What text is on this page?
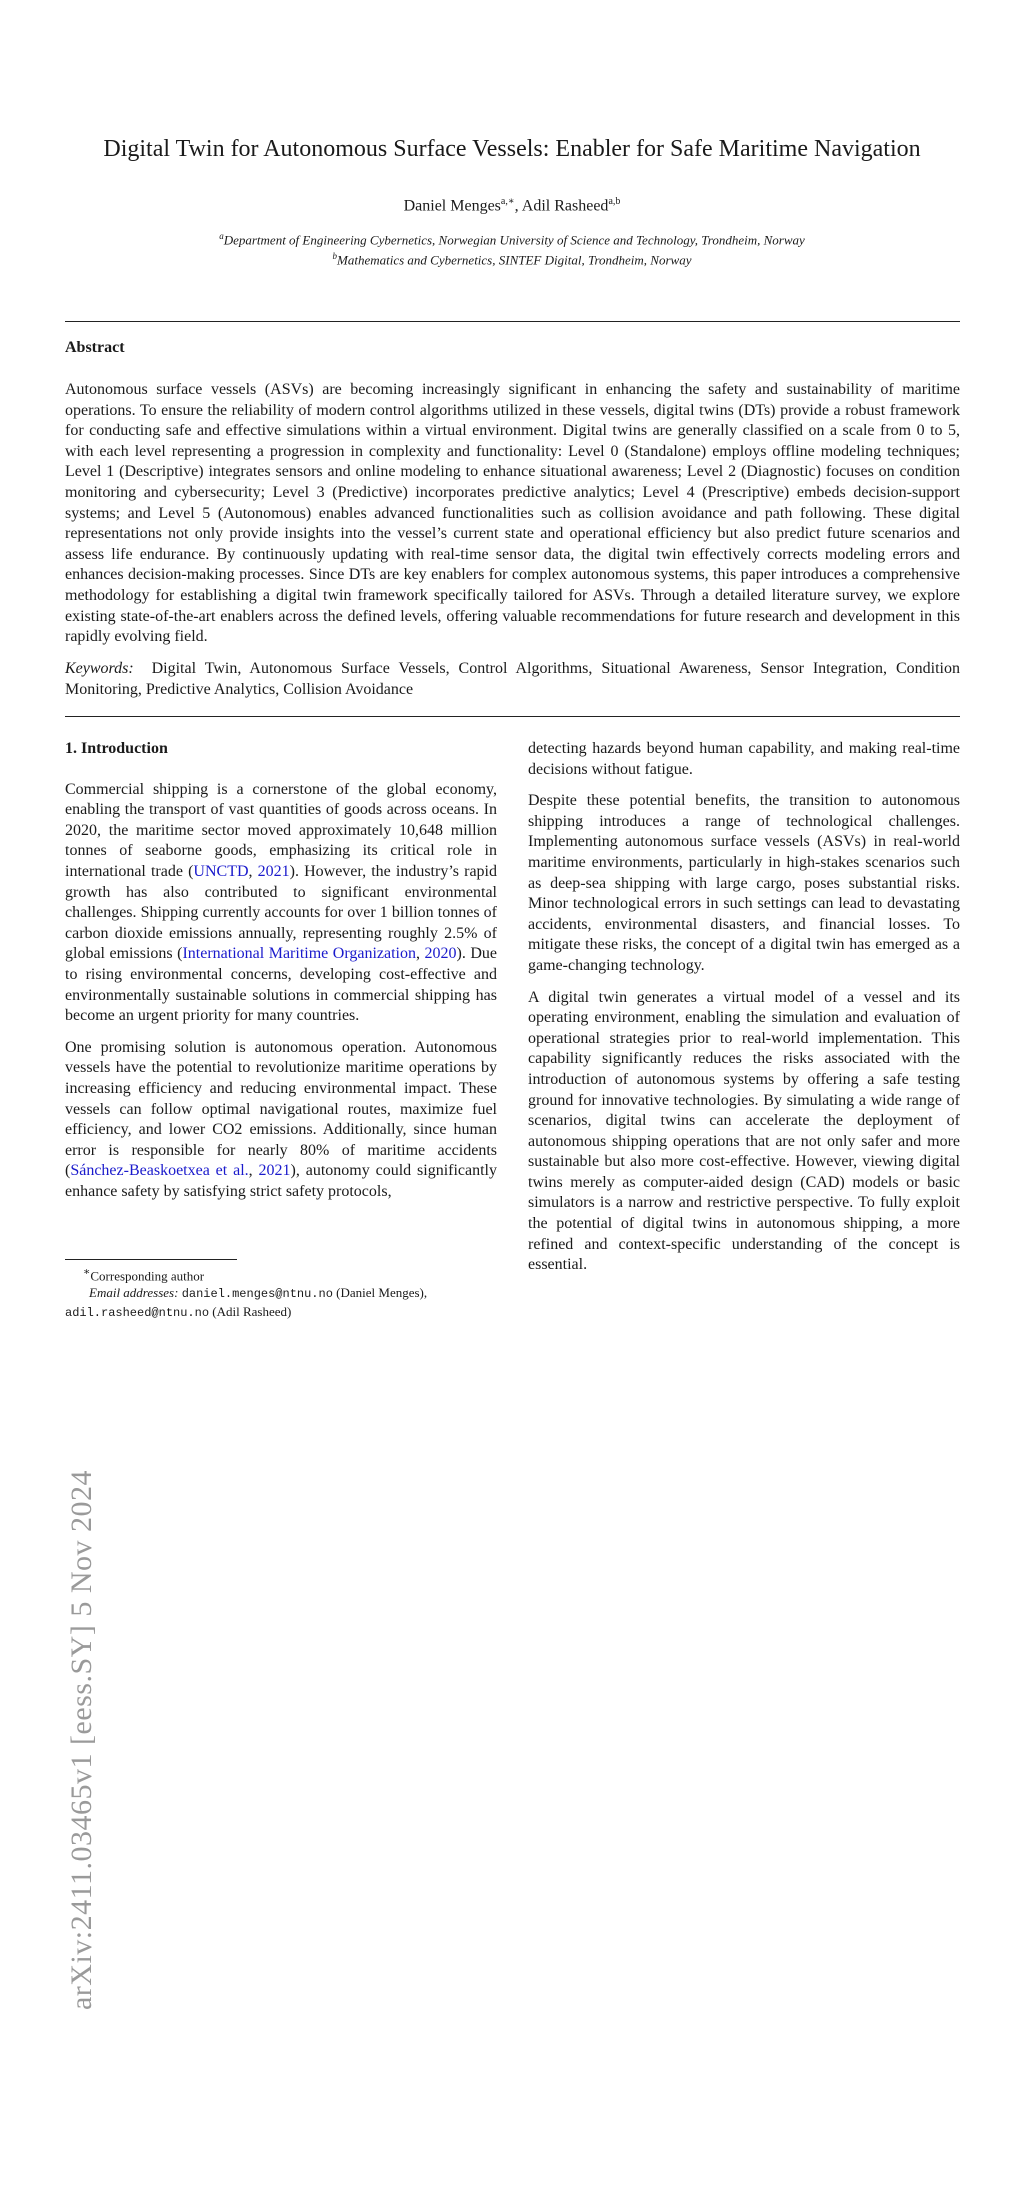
arXiv:2411.03465v1 [eess.SY] 5 Nov 2024
Digital Twin for Autonomous Surface Vessels: Enabler for Safe Maritime Navigation
Daniel Menges$^{a,∗}$, Adil Rasheed$^{a,b}$
$^a$Department of Engineering Cybernetics, Norwegian University of Science and Technology, Trondheim, Norway
$^b$Mathematics and Cybernetics, SINTEF Digital, Trondheim, Norway
Abstract
Autonomous surface vessels (ASVs) are becoming increasingly significant in enhancing the safety and sustainability of maritime operations. To ensure the reliability of modern control algorithms utilized in these vessels, digital twins (DTs) provide a robust framework for conducting safe and effective simulations within a virtual environment. Digital twins are generally classified on a scale from 0 to 5, with each level representing a progression in complexity and functionality: Level 0 (Standalone) employs offline modeling techniques; Level 1 (Descriptive) integrates sensors and online modeling to enhance situational awareness; Level 2 (Diagnostic) focuses on condition monitoring and cybersecurity; Level 3 (Predictive) incorporates predictive analytics; Level 4 (Prescriptive) embeds decision-support systems; and Level 5 (Autonomous) enables advanced functionalities such as collision avoidance and path following. These digital representations not only provide insights into the vessel’s current state and operational efficiency but also predict future scenarios and assess life endurance. By continuously updating with real-time sensor data, the digital twin effectively corrects modeling errors and enhances decision-making processes. Since DTs are key enablers for complex autonomous systems, this paper introduces a comprehensive methodology for establishing a digital twin framework specifically tailored for ASVs. Through a detailed literature survey, we explore existing state-of-the-art enablers across the defined levels, offering valuable recommendations for future research and development in this rapidly evolving field.
Keywords: Digital Twin, Autonomous Surface Vessels, Control Algorithms, Situational Awareness, Sensor Integration, Condition Monitoring, Predictive Analytics, Collision Avoidance
1. Introduction

Commercial shipping is a cornerstone of the global economy, enabling the transport of vast quantities of goods across oceans. In 2020, the maritime sector moved approximately 10,648 million tonnes of seaborne goods, emphasizing its critical role in international trade (UNCTD, 2021). However, the industry’s rapid growth has also contributed to significant environmental challenges. Shipping currently accounts for over 1 billion tonnes of carbon dioxide emissions annually, representing roughly 2.5% of global emissions (International Maritime Organization, 2020). Due to rising environmental concerns, developing cost-effective and environmentally sustainable solutions in commercial shipping has become an urgent priority for many countries.

One promising solution is autonomous operation. Autonomous vessels have the potential to revolutionize maritime operations by increasing efficiency and reducing environmental impact. These vessels can follow optimal navigational routes, maximize fuel efficiency, and lower CO2 emissions. Additionally, since human error is responsible for nearly 80% of maritime accidents (Sánchez-Beaskoetxea et al., 2021), autonomy could significantly enhance safety by satisfying strict safety protocols,

detecting hazards beyond human capability, and making real-time decisions without fatigue.

Despite these potential benefits, the transition to autonomous shipping introduces a range of technological challenges. Implementing autonomous surface vessels (ASVs) in real-world maritime environments, particularly in high-stakes scenarios such as deep-sea shipping with large cargo, poses substantial risks. Minor technological errors in such settings can lead to devastating accidents, environmental disasters, and financial losses. To mitigate these risks, the concept of a digital twin has emerged as a game-changing technology.

A digital twin generates a virtual model of a vessel and its operating environment, enabling the simulation and evaluation of operational strategies prior to real-world implementation. This capability significantly reduces the risks associated with the introduction of autonomous systems by offering a safe testing ground for innovative technologies. By simulating a wide range of scenarios, digital twins can accelerate the deployment of autonomous shipping operations that are not only safer and more sustainable but also more cost-effective. However, viewing digital twins merely as computer-aided design (CAD) models or basic simulators is a narrow and restrictive perspective. To fully exploit the potential of digital twins in autonomous shipping, a more refined and context-specific understanding of the concept is essential.

∗Corresponding author
Email addresses: daniel.menges@ntnu.no (Daniel Menges),
adil.rasheed@ntnu.no (Adil Rasheed)
